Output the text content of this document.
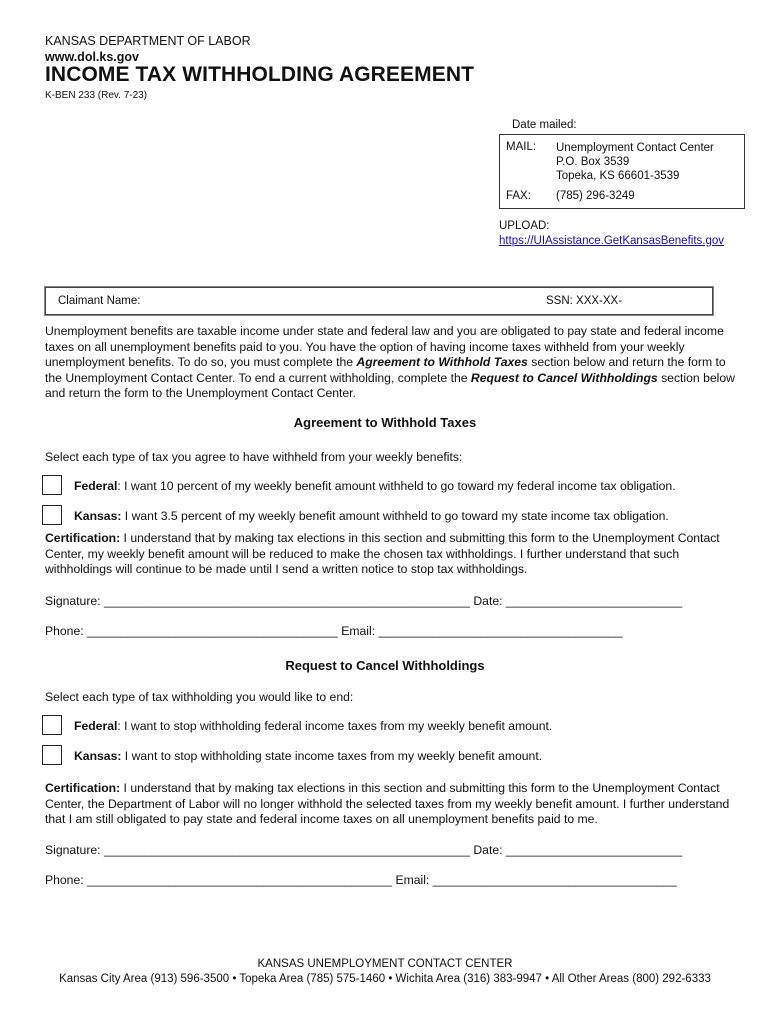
KANSAS DEPARTMENT OF LABOR
www.dol.ks.gov
INCOME TAX WITHHOLDING AGREEMENT
K-BEN 233 (Rev. 7-23)
Date mailed:
MAIL: Unemployment Contact Center
P.O. Box 3539
Topeka, KS 66601-3539
FAX: (785) 296-3249
UPLOAD:
https://UIAssistance.GetKansasBenefits.gov
Claimant Name:	SSN: XXX-XX-
Unemployment benefits are taxable income under state and federal law and you are obligated to pay state and federal income taxes on all unemployment benefits paid to you. You have the option of having income taxes withheld from your weekly unemployment benefits. To do so, you must complete the Agreement to Withhold Taxes section below and return the form to the Unemployment Contact Center. To end a current withholding, complete the Request to Cancel Withholdings section below and return the form to the Unemployment Contact Center.
Agreement to Withhold Taxes
Select each type of tax you agree to have withheld from your weekly benefits:
Federal: I want 10 percent of my weekly benefit amount withheld to go toward my federal income tax obligation.
Kansas: I want 3.5 percent of my weekly benefit amount withheld to go toward my state income tax obligation.
Certification: I understand that by making tax elections in this section and submitting this form to the Unemployment Contact Center, my weekly benefit amount will be reduced to make the chosen tax withholdings. I further understand that such withholdings will continue to be made until I send a written notice to stop tax withholdings.
Signature: ______________________________________________________ Date: __________________________
Phone: _____________________________________ Email: ____________________________________
Request to Cancel Withholdings
Select each type of tax withholding you would like to end:
Federal: I want to stop withholding federal income taxes from my weekly benefit amount.
Kansas: I want to stop withholding state income taxes from my weekly benefit amount.
Certification: I understand that by making tax elections in this section and submitting this form to the Unemployment Contact Center, the Department of Labor will no longer withhold the selected taxes from my weekly benefit amount. I further understand that I am still obligated to pay state and federal income taxes on all unemployment benefits paid to me.
Signature: ______________________________________________________ Date: __________________________
Phone: _____________________________________________ Email: ____________________________________
KANSAS UNEMPLOYMENT CONTACT CENTER
Kansas City Area (913) 596-3500 • Topeka Area (785) 575-1460 • Wichita Area (316) 383-9947 • All Other Areas (800) 292-6333
